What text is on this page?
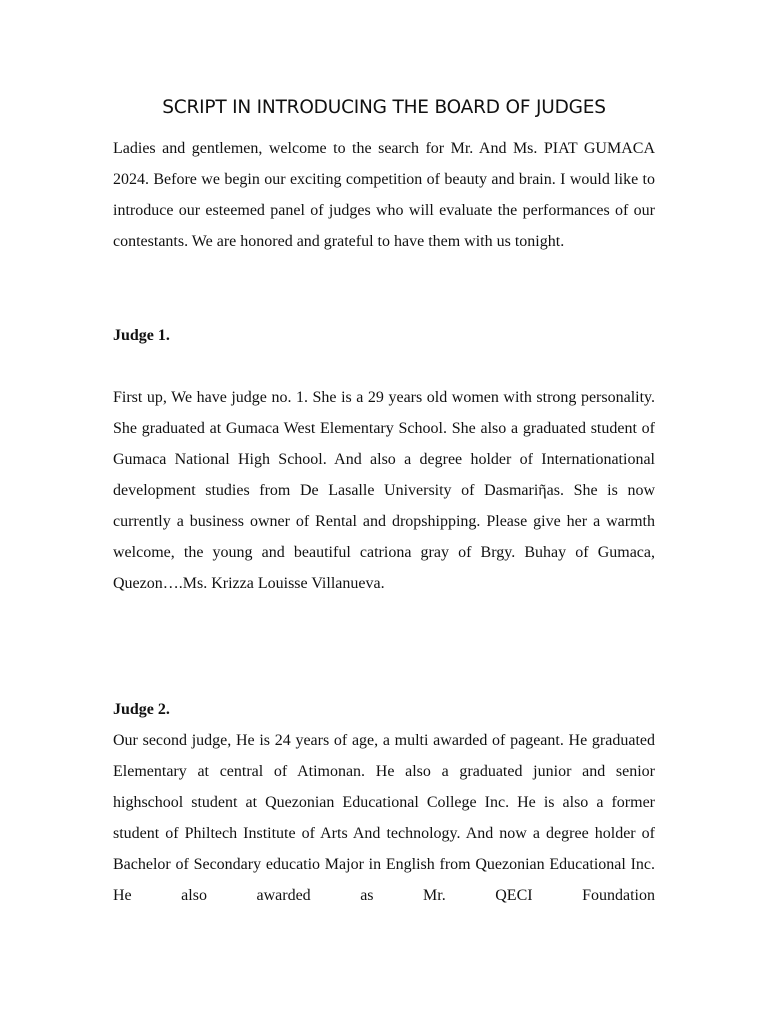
SCRIPT IN INTRODUCING THE BOARD OF JUDGES

Ladies and gentlemen, welcome to the search for Mr. And Ms. PIAT GUMACA 2024. Before we begin our exciting competition of beauty and brain. I would like to introduce our esteemed panel of judges who will evaluate the performances of our contestants. We are honored and grateful to have them with us tonight.

Judge 1.

First up, We have judge no. 1. She is a 29 years old women with strong personality. She graduated at Gumaca West Elementary School. She also a graduated student of Gumaca National High School. And also a degree holder of Internationational development studies from De Lasalle University of Dasmariῆas. She is now currently a business owner of Rental and dropshipping. Please give her a warmth welcome, the young and beautiful catriona gray of Brgy. Buhay of Gumaca, Quezon….Ms. Krizza Louisse Villanueva.

Judge 2.

Our second judge, He is 24 years of age, a multi awarded of pageant. He graduated Elementary at central of Atimonan. He also a graduated junior and senior highschool student at Quezonian Educational College Inc. He is also a former student of Philtech Institute of Arts And technology. And now a degree holder of Bachelor of Secondary educatio Major in English from Quezonian Educational Inc. He also awarded as Mr. QECI Foundation
